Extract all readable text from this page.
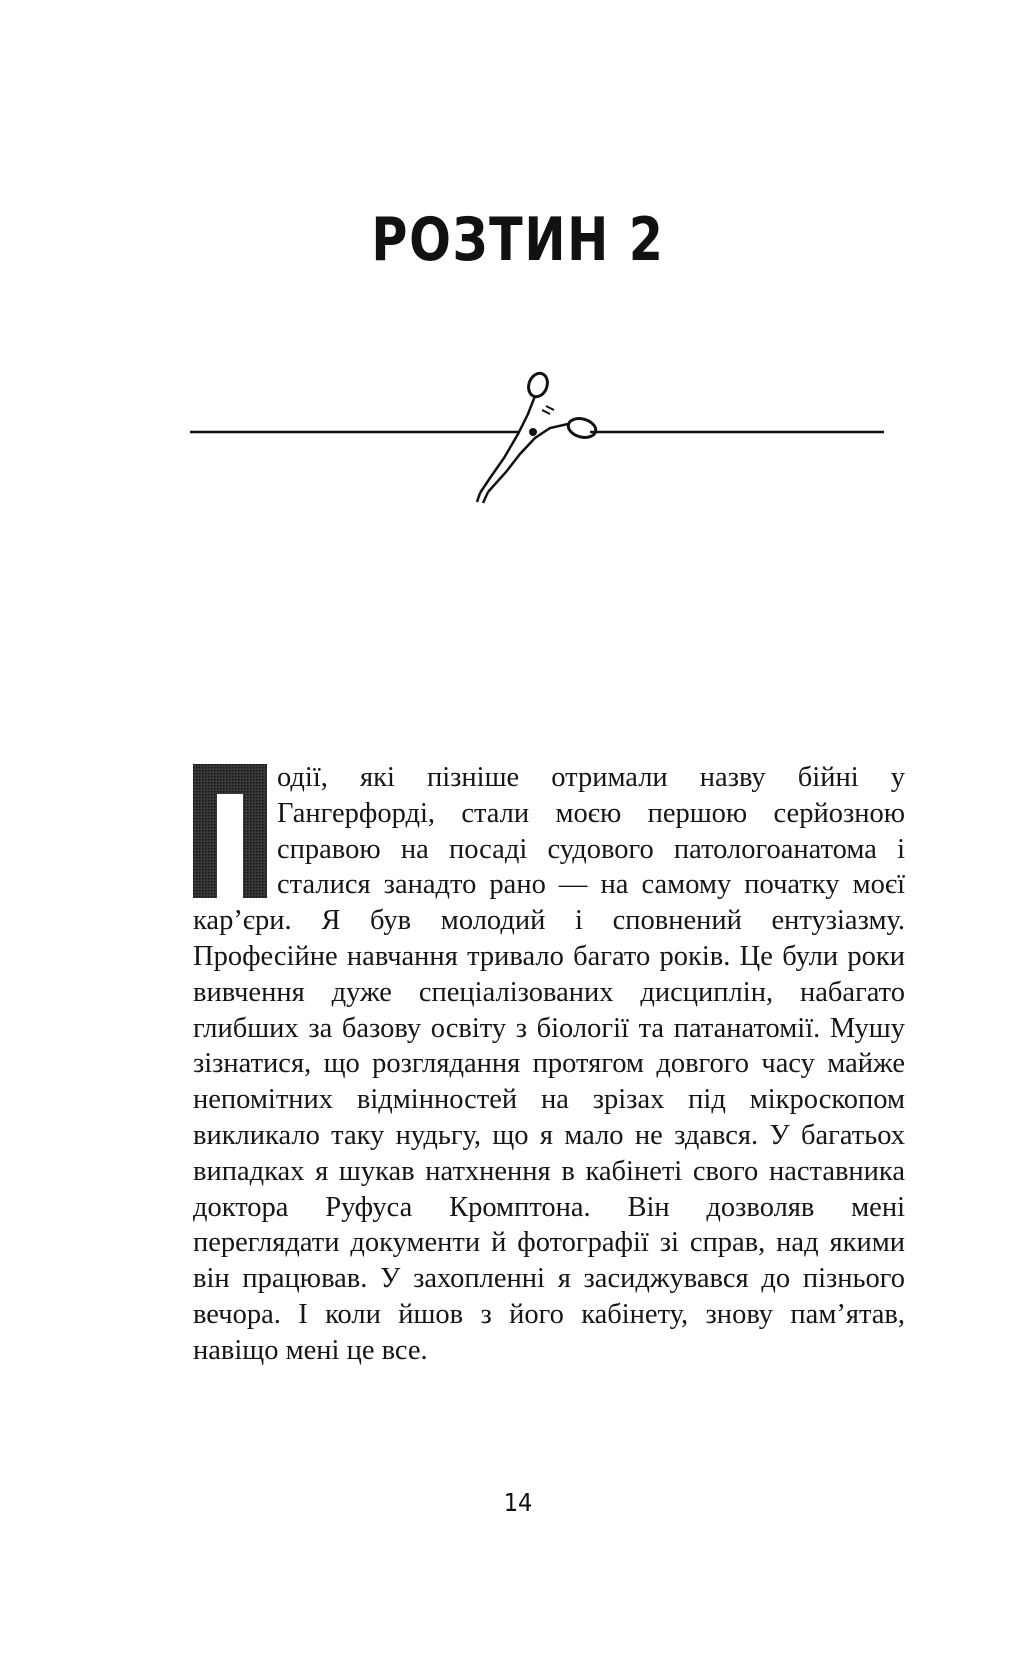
РОЗТИН 2

одії, які пізніше отримали назву бійні у Гангерфорді, стали моєю першою серйозною справою на посаді судового патологоанатома і сталися занадто рано — на самому початку моєї кар’єри. Я був молодий і сповнений ентузіазму. Професійне навчання тривало багато років. Це були роки вивчення дуже спеціалізованих дисциплін, набагато глибших за базову освіту з біології та патанатомії. Мушу зізнатися, що розглядання протягом довгого часу майже непомітних відмінностей на зрізах під мікроскопом викликало таку нудьгу, що я мало не здався. У багатьох випадках я шукав натхнення в кабінеті свого наставника доктора Руфуса Кромптона. Він дозволяв мені переглядати документи й фотографії зі справ, над якими він працював. У захопленні я засиджувався до пізнього вечора. І коли йшов з його кабінету, знову пам’ятав, навіщо мені це все.

14
